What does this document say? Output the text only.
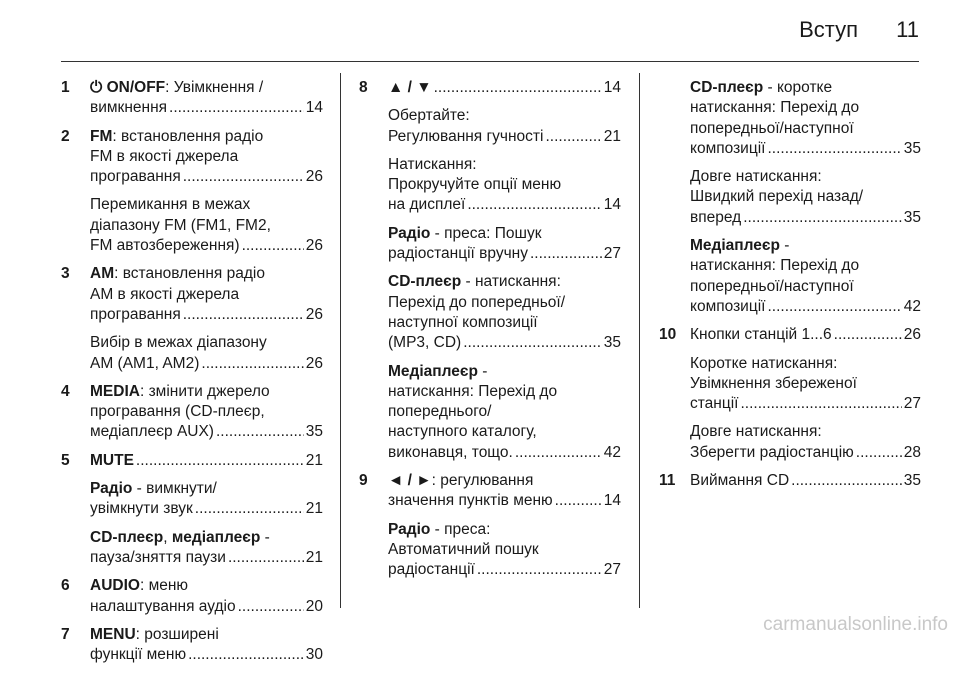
Вступ 11
1 ⏻ ON/OFF: Увімкнення /
вимкнення .....	14
2 FM: встановлення радіо
FM в якості джерела
програвання .....	26
Перемикання в межах
діапазону FM (FM1, FM2,
FM автозбереження) .....	26
3 AM: встановлення радіо
AM в якості джерела
програвання .....	26
Вибір в межах діапазону
AM (AM1, AM2) .....	26
4 MEDIA: змінити джерело
програвання (CD-плеєр,
медіаплеєр AUX) .....	35
5 MUTE .....	21
Радіо - вимкнути/
увімкнути звук .....	21
CD-плеєр, медіаплеєр -
пауза/зняття паузи .....	21
6 AUDIO: меню
налаштування аудіо .....	20
7 MENU: розширені
функції меню .....	30
8 ▲ / ▼ .....	14
Обертайте:
Регулювання гучності .....	21
Натискання:
Прокручуйте опції меню
на дисплеї .....	14
Радіо - преса: Пошук
радіостанції вручну .....	27
CD-плеєр - натискання:
Перехід до попередньої/
наступної композиції
(MP3, CD) .....	35
Медіаплеєр -
натискання: Перехід до
попереднього/
наступного каталогу,
виконавця, тощо. .....	42
9 ◄ / ►: регулювання
значення пунктів меню .....	14
Радіо - преса:
Автоматичний пошук
радіостанції .....	27
CD-плеєр - коротке
натискання: Перехід до
попередньої/наступної
композиції .....	35
Довге натискання:
Швидкий перехід назад/
вперед .....	35
Медіаплеєр -
натискання: Перехід до
попередньої/наступної
композиції .....	42
10 Кнопки станцій 1...6 .....	26
Коротке натискання:
Увімкнення збереженої
станції .....	27
Довге натискання:
Зберегти радіостанцію .....	28
11 Виймання CD .....	35
carmanualsonline.info
